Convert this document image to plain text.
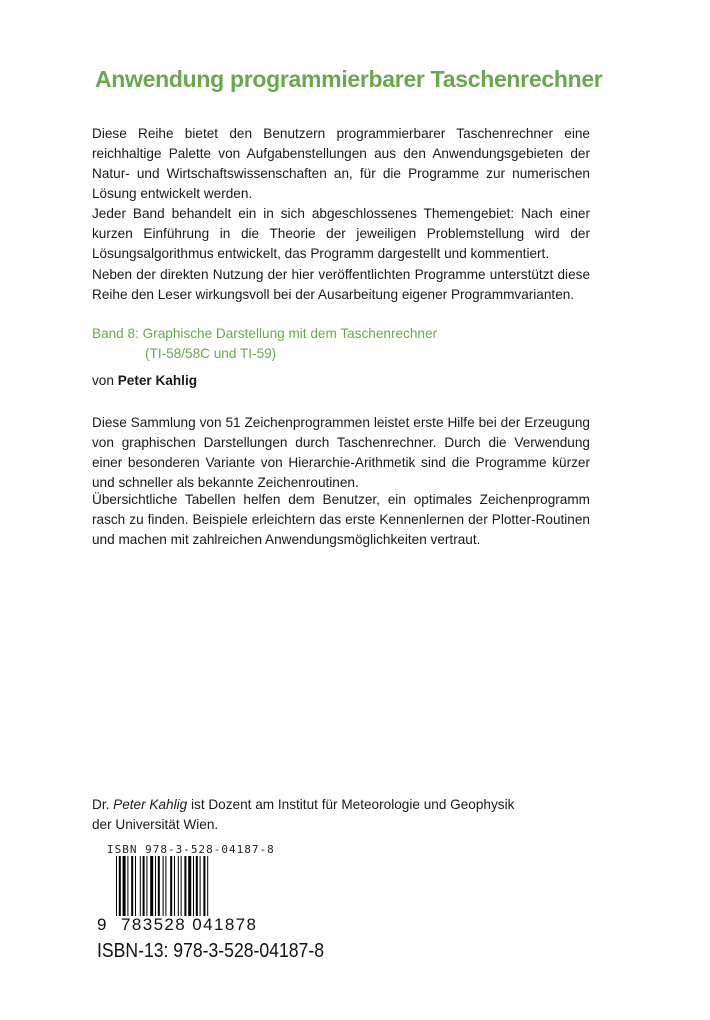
Anwendung programmierbarer Taschenrechner

Diese Reihe bietet den Benutzern programmierbarer Taschenrechner eine reichhaltige Palette von Aufgabenstellungen aus den Anwendungsgebieten der Natur- und Wirtschaftswissenschaften an, für die Programme zur numerischen Lösung entwickelt werden.

Jeder Band behandelt ein in sich abgeschlossenes Themengebiet: Nach einer kurzen Einführung in die Theorie der jeweiligen Problemstellung wird der Lösungsalgorithmus entwickelt, das Programm dargestellt und kommentiert.

Neben der direkten Nutzung der hier veröffentlichten Programme unterstützt diese Reihe den Leser wirkungsvoll bei der Ausarbeitung eigener Programmvarianten.

Band 8: Graphische Darstellung mit dem Taschenrechner

(TI-58/58C und TI-59)

von Peter Kahlig

Diese Sammlung von 51 Zeichenprogrammen leistet erste Hilfe bei der Erzeugung von graphischen Darstellungen durch Taschenrechner. Durch die Verwendung einer besonderen Variante von Hierarchie-Arithmetik sind die Programme kürzer und schneller als bekannte Zeichenroutinen.

Übersichtliche Tabellen helfen dem Benutzer, ein optimales Zeichenprogramm rasch zu finden. Beispiele erleichtern das erste Kennenlernen der Plotter-Routinen und machen mit zahlreichen Anwendungsmöglichkeiten vertraut.

Dr. Peter Kahlig ist Dozent am Institut für Meteorologie und Geophysik
der Universität Wien.

ISBN 978-3-528-04187-8

9 783528 041878

ISBN-13: 978-3-528-04187-8
